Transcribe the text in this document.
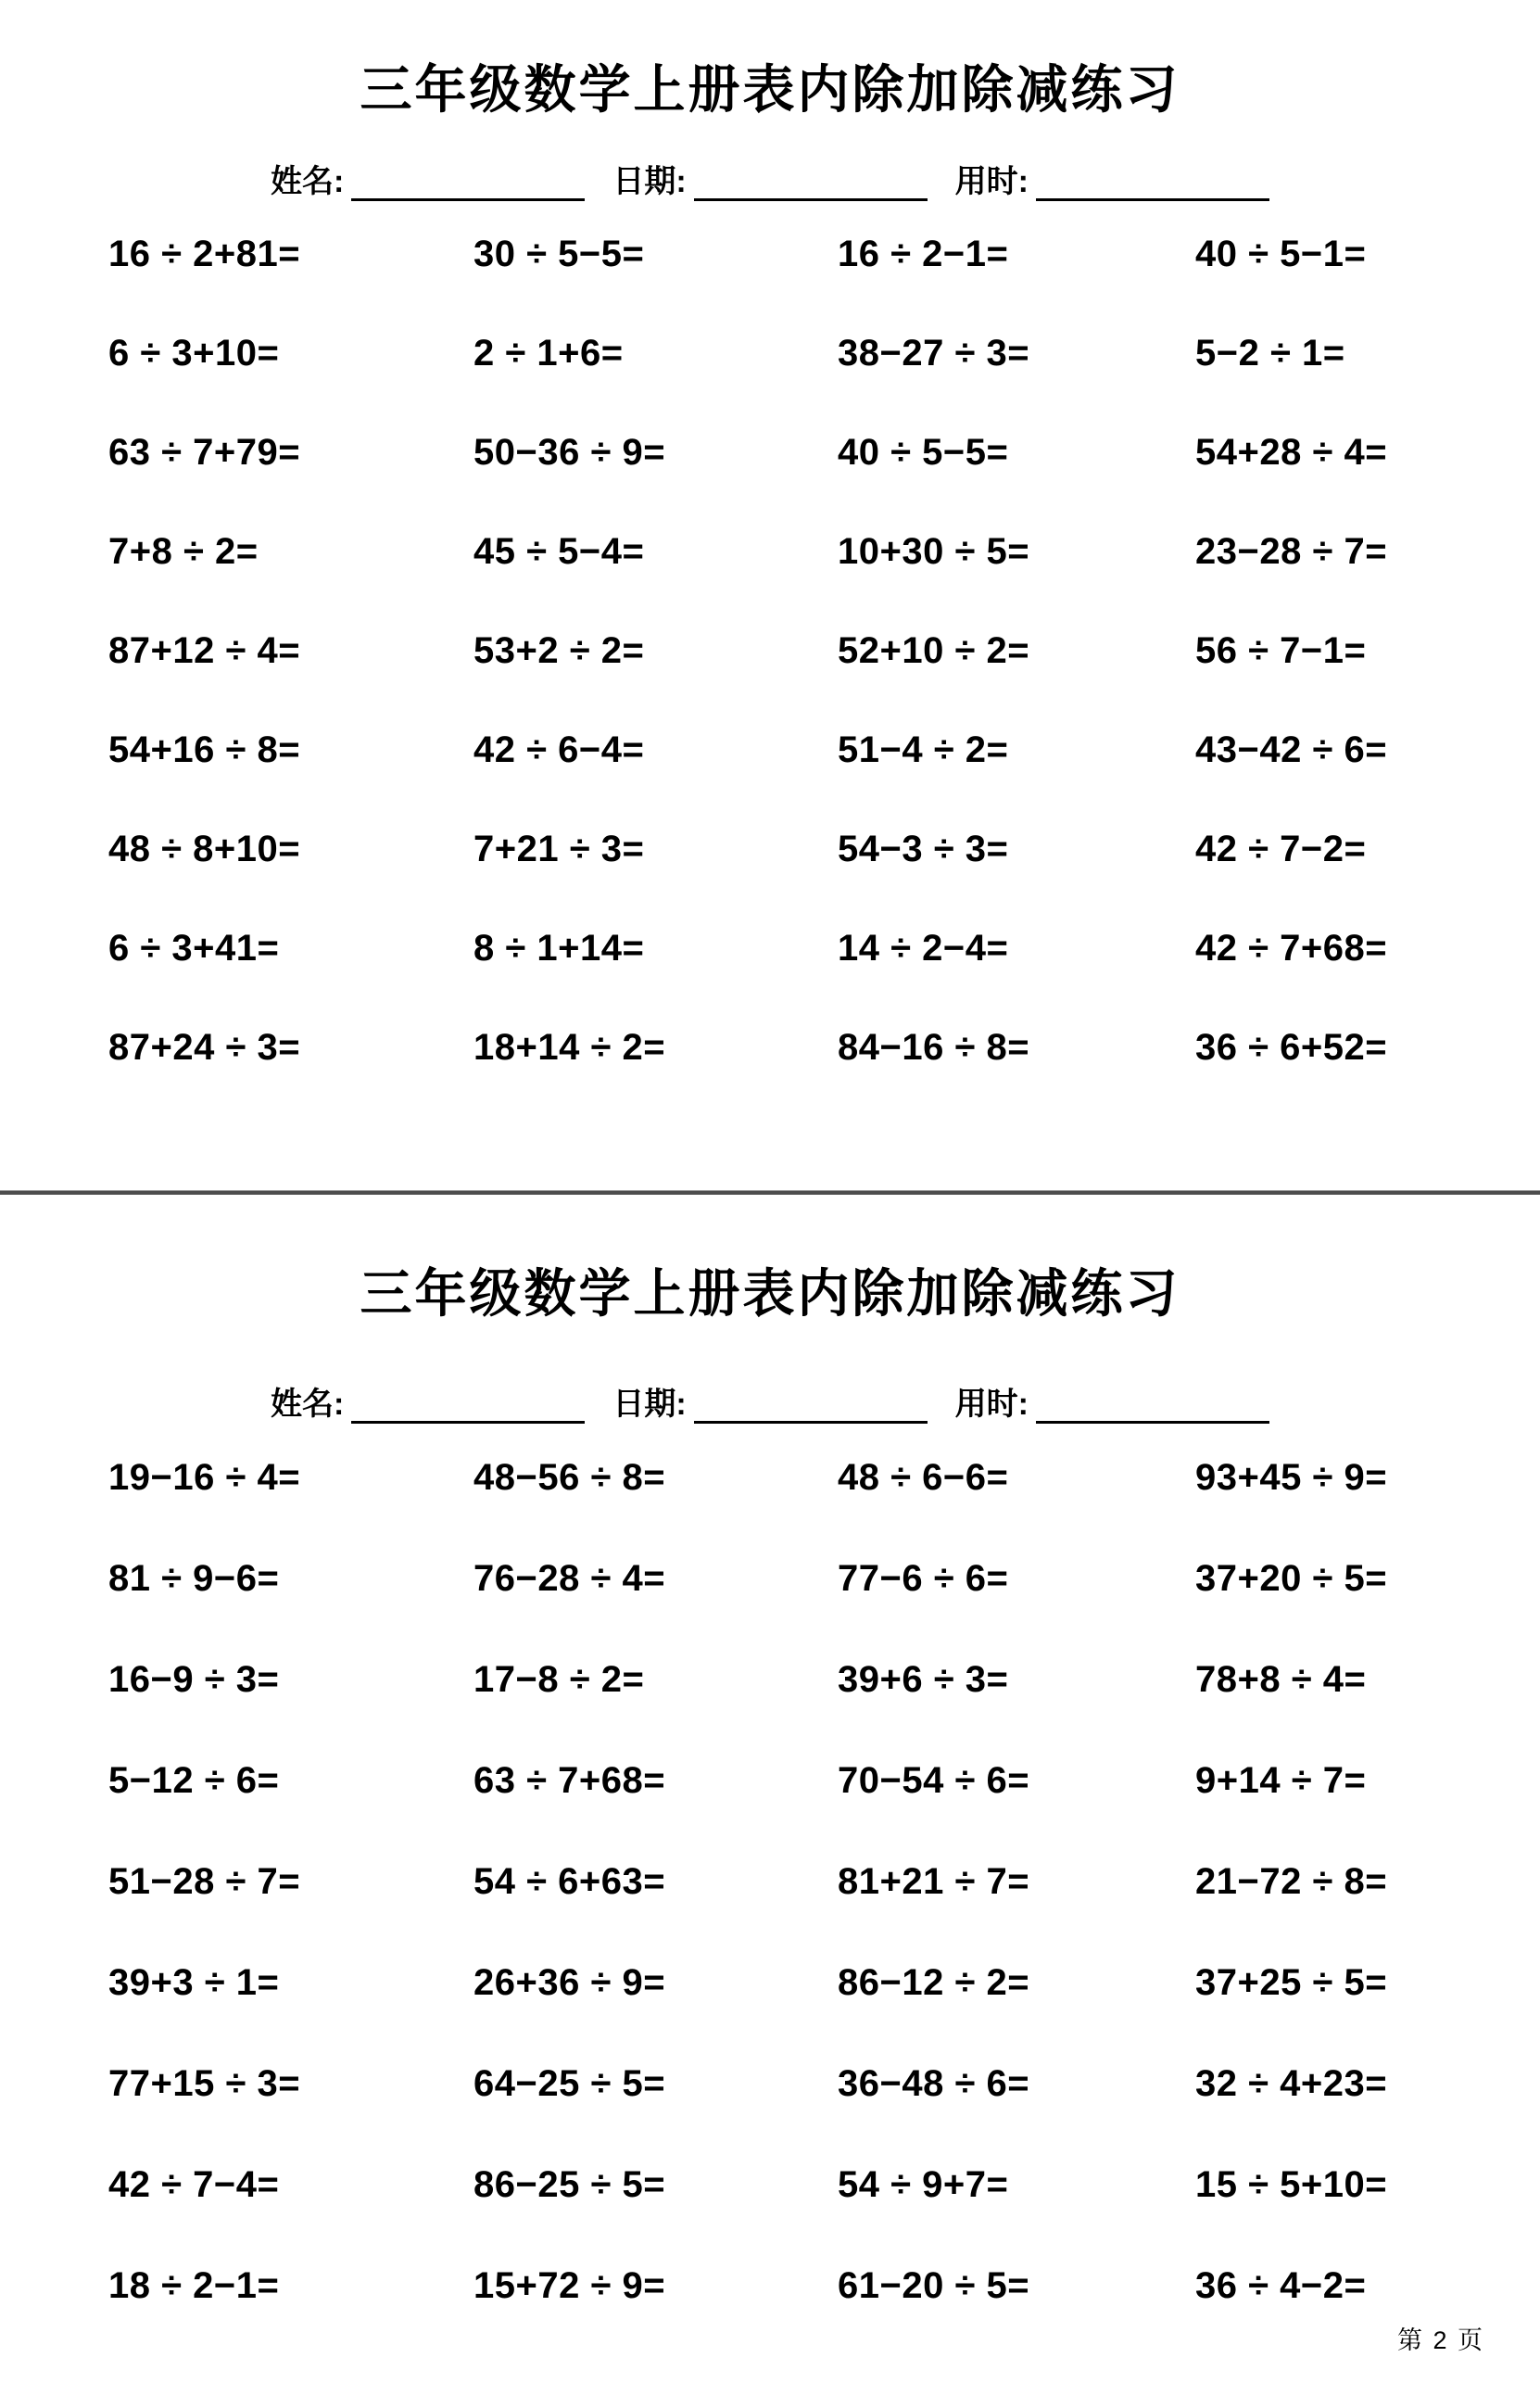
三年级数学上册表内除加除减练习
姓名:	日期:	用时:
16 ÷ 2+81=	30 ÷ 5−5=	16 ÷ 2−1=	40 ÷ 5−1=
6 ÷ 3+10=	2 ÷ 1+6=	38−27 ÷ 3=	5−2 ÷ 1=
63 ÷ 7+79=	50−36 ÷ 9=	40 ÷ 5−5=	54+28 ÷ 4=
7+8 ÷ 2=	45 ÷ 5−4=	10+30 ÷ 5=	23−28 ÷ 7=
87+12 ÷ 4=	53+2 ÷ 2=	52+10 ÷ 2=	56 ÷ 7−1=
54+16 ÷ 8=	42 ÷ 6−4=	51−4 ÷ 2=	43−42 ÷ 6=
48 ÷ 8+10=	7+21 ÷ 3=	54−3 ÷ 3=	42 ÷ 7−2=
6 ÷ 3+41=	8 ÷ 1+14=	14 ÷ 2−4=	42 ÷ 7+68=
87+24 ÷ 3=	18+14 ÷ 2=	84−16 ÷ 8=	36 ÷ 6+52=
三年级数学上册表内除加除减练习
姓名:	日期:	用时:
19−16 ÷ 4=	48−56 ÷ 8=	48 ÷ 6−6=	93+45 ÷ 9=
81 ÷ 9−6=	76−28 ÷ 4=	77−6 ÷ 6=	37+20 ÷ 5=
16−9 ÷ 3=	17−8 ÷ 2=	39+6 ÷ 3=	78+8 ÷ 4=
5−12 ÷ 6=	63 ÷ 7+68=	70−54 ÷ 6=	9+14 ÷ 7=
51−28 ÷ 7=	54 ÷ 6+63=	81+21 ÷ 7=	21−72 ÷ 8=
39+3 ÷ 1=	26+36 ÷ 9=	86−12 ÷ 2=	37+25 ÷ 5=
77+15 ÷ 3=	64−25 ÷ 5=	36−48 ÷ 6=	32 ÷ 4+23=
42 ÷ 7−4=	86−25 ÷ 5=	54 ÷ 9+7=	15 ÷ 5+10=
18 ÷ 2−1=	15+72 ÷ 9=	61−20 ÷ 5=	36 ÷ 4−2=
第 2 页
